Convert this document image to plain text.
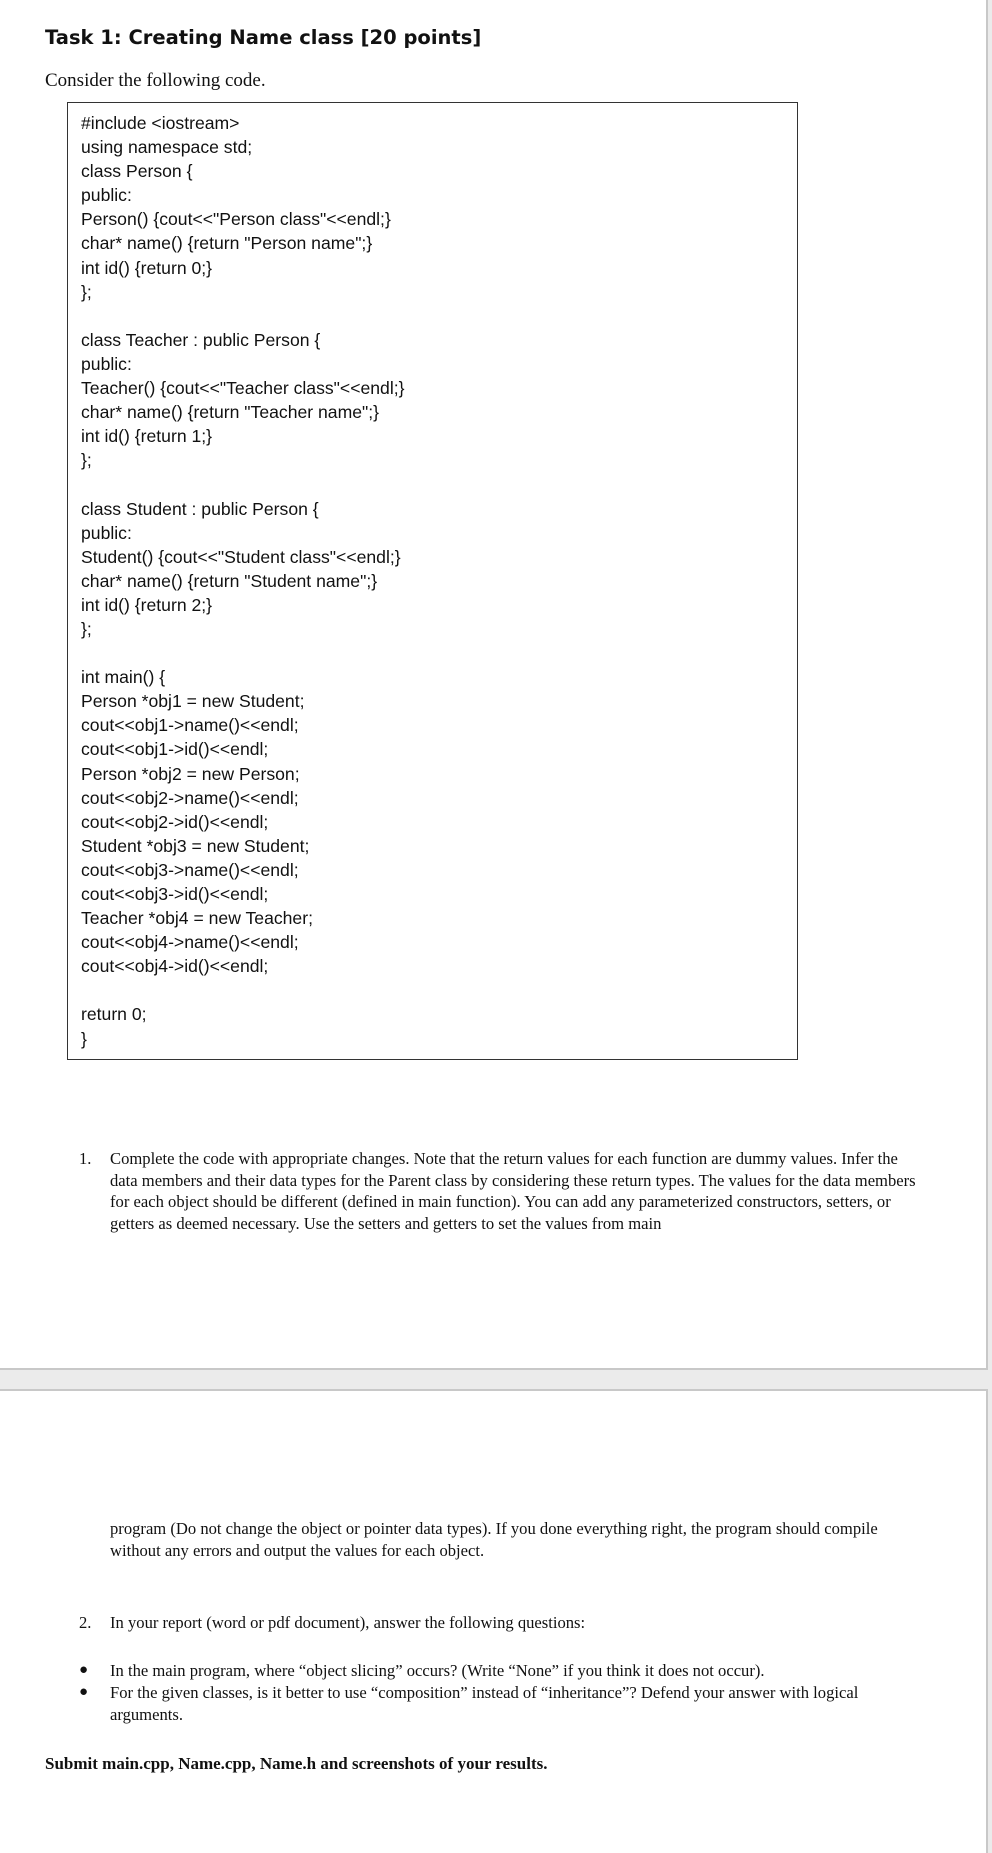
Task 1: Creating Name class [20 points]
Consider the following code.
#include <iostream>
using namespace std;
class Person {
public:
Person() {cout<<"Person class"<<endl;}
char* name() {return "Person name";}
int id() {return 0;}
};
class Teacher : public Person {
public:
Teacher() {cout<<"Teacher class"<<endl;}
char* name() {return "Teacher name";}
int id() {return 1;}
};
class Student : public Person {
public:
Student() {cout<<"Student class"<<endl;}
char* name() {return "Student name";}
int id() {return 2;}
};
int main() {
Person *obj1 = new Student;
cout<<obj1->name()<<endl;
cout<<obj1->id()<<endl;
Person *obj2 = new Person;
cout<<obj2->name()<<endl;
cout<<obj2->id()<<endl;
Student *obj3 = new Student;
cout<<obj3->name()<<endl;
cout<<obj3->id()<<endl;
Teacher *obj4 = new Teacher;
cout<<obj4->name()<<endl;
cout<<obj4->id()<<endl;
return 0;
}
1. Complete the code with appropriate changes. Note that the return values for each function are dummy values. Infer the data members and their data types for the Parent class by considering these return types. The values for the data members for each object should be different (defined in main function). You can add any parameterized constructors, setters, or getters as deemed necessary. Use the setters and getters to set the values from main
program (Do not change the object or pointer data types). If you done everything right, the program should compile without any errors and output the values for each object.
2. In your report (word or pdf document), answer the following questions:
● In the main program, where “object slicing” occurs? (Write “None” if you think it does not occur).
● For the given classes, is it better to use “composition” instead of “inheritance”? Defend your answer with logical arguments.
Submit main.cpp, Name.cpp, Name.h and screenshots of your results.
